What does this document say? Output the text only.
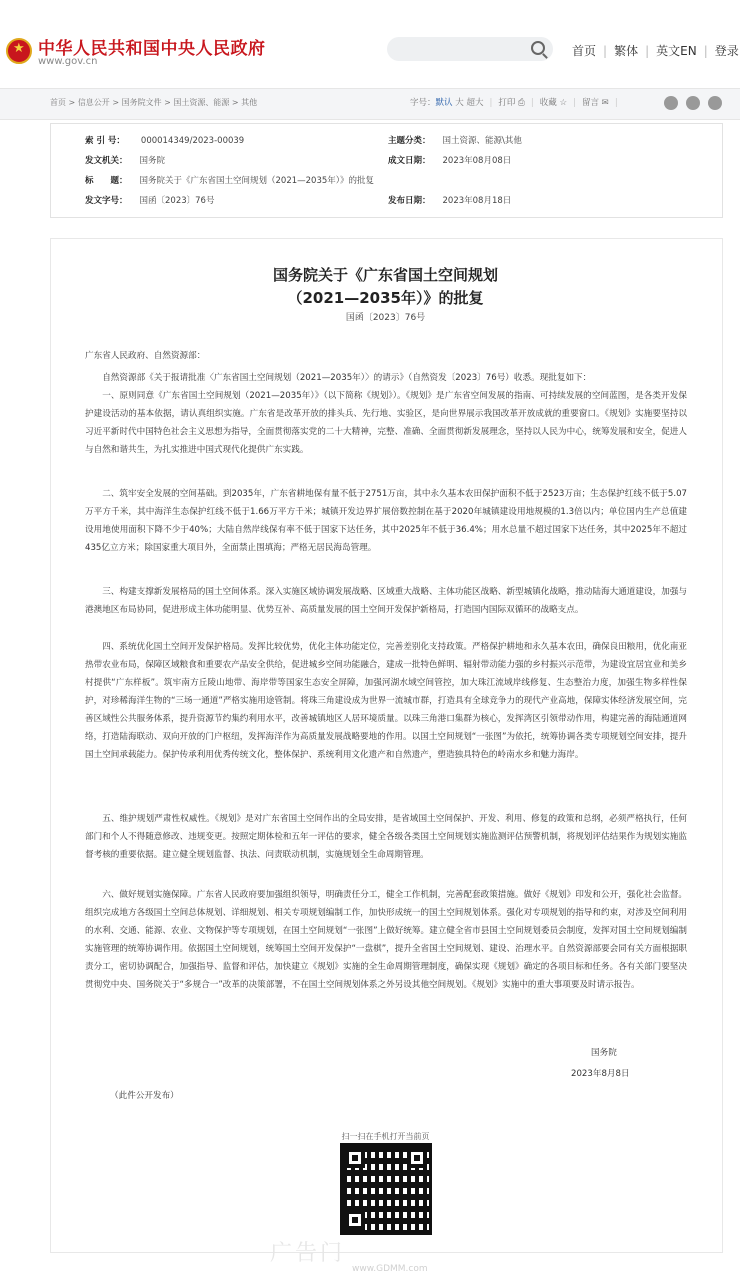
★
中华人民共和国中央人民政府
www.gov.cn
首页 | 繁体 | 英文EN | 登录
首页 > 信息公开 > 国务院文件 > 国土资源、能源 > 其他	字号：默认 大 超大 | 打印 ⎙ | 收藏 ☆ | 留言 ✉ |
索 引 号： 000014349/2023-00039	主题分类： 国土资源、能源\其他
发文机关： 国务院	成文日期： 2023年08月08日
标　　题： 国务院关于《广东省国土空间规划（2021—2035年）》的批复
发文字号： 国函〔2023〕76号	发布日期： 2023年08月18日
国务院关于《广东省国土空间规划
（2021—2035年）》的批复
国函〔2023〕76号

广东省人民政府、自然资源部：

自然资源部《关于报请批准〈广东省国土空间规划（2021—2035年）〉的请示》（自然资发〔2023〕76号）收悉。现批复如下：

一、原则同意《广东省国土空间规划（2021—2035年）》（以下简称《规划》）。《规划》是广东省空间发展的指南、可持续发展的空间蓝图，是各类开发保护建设活动的基本依据，请认真组织实施。广东省是改革开放的排头兵、先行地、实验区，是向世界展示我国改革开放成就的重要窗口。《规划》实施要坚持以习近平新时代中国特色社会主义思想为指导，全面贯彻落实党的二十大精神，完整、准确、全面贯彻新发展理念，坚持以人民为中心，统筹发展和安全，促进人与自然和谐共生，为扎实推进中国式现代化提供广东实践。

二、筑牢安全发展的空间基础。到2035年，广东省耕地保有量不低于2751万亩，其中永久基本农田保护面积不低于2523万亩；生态保护红线不低于5.07万平方千米，其中海洋生态保护红线不低于1.66万平方千米；城镇开发边界扩展倍数控制在基于2020年城镇建设用地规模的1.3倍以内；单位国内生产总值建设用地使用面积下降不少于40%；大陆自然岸线保有率不低于国家下达任务，其中2025年不低于36.4%；用水总量不超过国家下达任务，其中2025年不超过435亿立方米；除国家重大项目外，全面禁止围填海；严格无居民海岛管理。

三、构建支撑新发展格局的国土空间体系。深入实施区域协调发展战略、区域重大战略、主体功能区战略、新型城镇化战略，推动陆海大通道建设，加强与港澳地区布局协同，促进形成主体功能明显、优势互补、高质量发展的国土空间开发保护新格局，打造国内国际双循环的战略支点。

四、系统优化国土空间开发保护格局。发挥比较优势，优化主体功能定位，完善差别化支持政策。严格保护耕地和永久基本农田，确保良田粮用，优化南亚热带农业布局，保障区域粮食和重要农产品安全供给，促进城乡空间功能融合，建成一批特色鲜明、辐射带动能力强的乡村振兴示范带，为建设宜居宜业和美乡村提供“广东样板”。筑牢南方丘陵山地带、海岸带等国家生态安全屏障，加强河湖水域空间管控，加大珠江流域岸线修复、生态整治力度，加强生物多样性保护，对珍稀海洋生物的“三场一通道”严格实施用途管制。将珠三角建设成为世界一流城市群，打造具有全球竞争力的现代产业高地，保障实体经济发展空间，完善区域性公共服务体系，提升资源节约集约利用水平，改善城镇地区人居环境质量。以珠三角港口集群为核心，发挥湾区引领带动作用，构建完善的海陆通道网络，打造陆海联动、双向开放的门户枢纽，发挥海洋作为高质量发展战略要地的作用。以国土空间规划“一张图”为依托，统筹协调各类专项规划空间安排，提升国土空间承载能力。保护传承利用优秀传统文化，整体保护、系统利用文化遗产和自然遗产，塑造独具特色的岭南水乡和魅力海岸。

五、维护规划严肃性权威性。《规划》是对广东省国土空间作出的全局安排，是省域国土空间保护、开发、利用、修复的政策和总纲，必须严格执行，任何部门和个人不得随意修改、违规变更。按照定期体检和五年一评估的要求，健全各级各类国土空间规划实施监测评估预警机制，将规划评估结果作为规划实施监督考核的重要依据。建立健全规划监督、执法、问责联动机制，实施规划全生命周期管理。

六、做好规划实施保障。广东省人民政府要加强组织领导，明确责任分工，健全工作机制，完善配套政策措施。做好《规划》印发和公开，强化社会监督。组织完成地方各级国土空间总体规划、详细规划、相关专项规划编制工作，加快形成统一的国土空间规划体系。强化对专项规划的指导和约束，对涉及空间利用的水利、交通、能源、农业、文物保护等专项规划，在国土空间规划“一张图”上做好统筹。建立健全省市县国土空间规划委员会制度，发挥对国土空间规划编制实施管理的统筹协调作用。依据国土空间规划，统筹国土空间开发保护“一盘棋”，提升全省国土空间规划、建设、治理水平。自然资源部要会同有关方面根据职责分工，密切协调配合，加强指导、监督和评估，加快建立《规划》实施的全生命周期管理制度，确保实现《规划》确定的各项目标和任务。各有关部门要坚决贯彻党中央、国务院关于“多规合一”改革的决策部署，不在国土空间规划体系之外另设其他空间规划。《规划》实施中的重大事项要及时请示报告。

国务院
2023年8月8日
（此件公开发布）
扫一扫在手机打开当前页
广告门
www.GDMM.com
